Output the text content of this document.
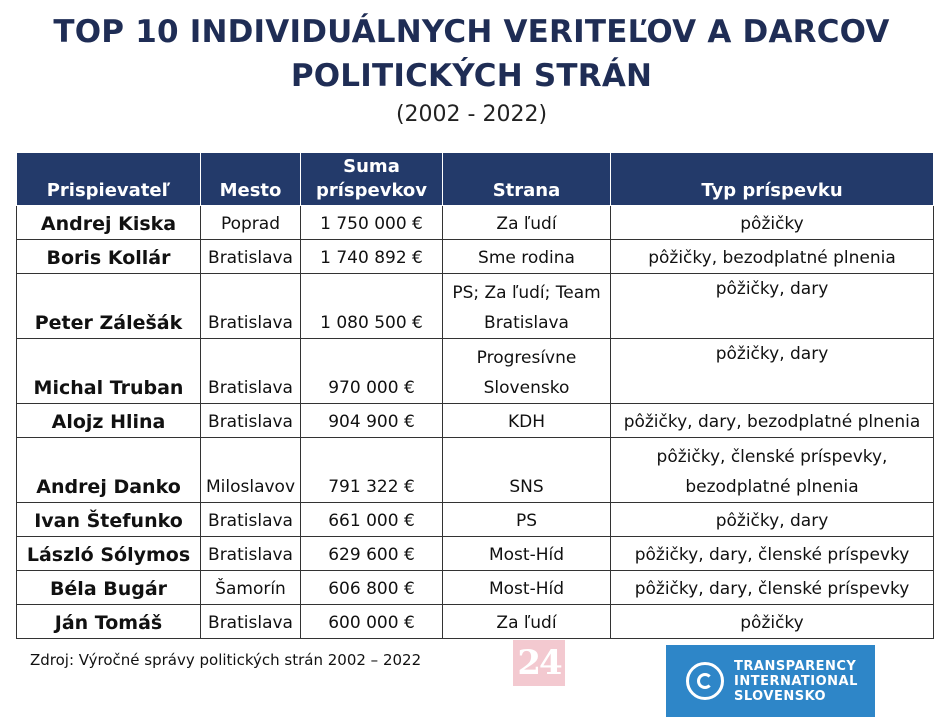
TOP 10 INDIVIDUÁLNYCH VERITEĽOV A DARCOV
POLITICKÝCH STRÁN
(2002 - 2022)
Prispievateľ	Mesto	Suma príspevkov	Strana	Typ príspevku
Andrej Kiska	Poprad	1 750 000 €	Za ľudí	pôžičky
Boris Kollár	Bratislava	1 740 892 €	Sme rodina	pôžičky, bezodplatné plnenia
Peter Zálešák	Bratislava	1 080 500 €	PS; Za ľudí; Team Bratislava	pôžičky, dary
Michal Truban	Bratislava	970 000 €	Progresívne Slovensko	pôžičky, dary
Alojz Hlina	Bratislava	904 900 €	KDH	pôžičky, dary, bezodplatné plnenia
Andrej Danko	Miloslavov	791 322 €	SNS	pôžičky, členské príspevky, bezodplatné plnenia
Ivan Štefunko	Bratislava	661 000 €	PS	pôžičky, dary
László Sólymos	Bratislava	629 600 €	Most-Híd	pôžičky, dary, členské príspevky
Béla Bugár	Šamorín	606 800 €	Most-Híd	pôžičky, dary, členské príspevky
Ján Tomáš	Bratislava	600 000 €	Za ľudí	pôžičky
Zdroj: Výročné správy politických strán 2002 – 2022	24	TRANSPARENCY
INTERNATIONAL
SLOVENSKO
